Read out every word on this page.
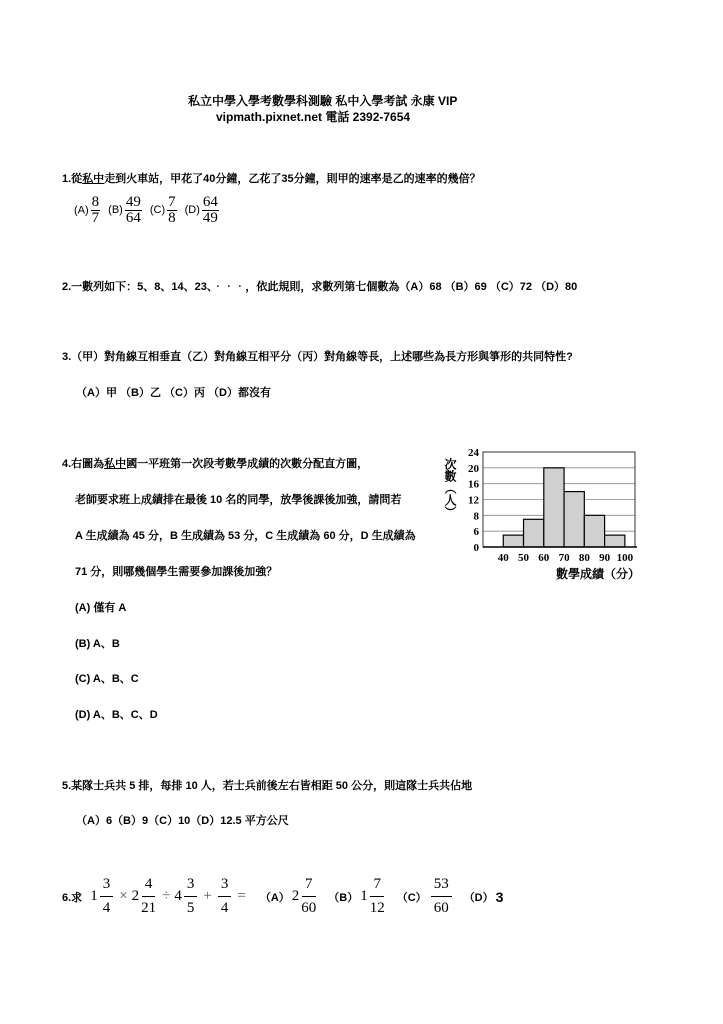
私立中學入學考數學科測驗 私中入學考試 永康 VIP
vipmath.pixnet.net 電話 2392-7654
1.從私中走到火車站，甲花了40分鐘，乙花了35分鐘，則甲的速率是乙的速率的幾倍？
$(A) \frac{8}{7} (B) \frac{49}{64} (C) \frac{7}{8} (D) \frac{64}{49}$
2.一數列如下：5、8、14、23、‧‧‧，依此規則，求數列第七個數為（A）68 （B）69 （C）72 （D）80
3.（甲）對角線互相垂直（乙）對角線互相平分（丙）對角線等長，上述哪些為長方形與箏形的共同特性?
（A）甲 （B）乙 （C）丙 （D）都沒有
4.右圖為私中國一平班第一次段考數學成績的次數分配直方圖，
老師要求班上成績排在最後 10 名的同學，放學後課後加強，請問若
A 生成績為 45 分，B 生成績為 53 分，C 生成績為 60 分，D 生成績為
71 分，則哪幾個學生需要參加課後加強？
(A) 僅有 A
(B) A、B
(C) A、B、C
(D) A、B、C、D
0
6
8
12
16
20
24
40 50 60 70 80 90 100
數學成績（分）
次數（人）
5.某隊士兵共 5 排，每排 10 人，若士兵前後左右皆相距 50 公分，則這隊士兵共佔地
（A）6（B）9（C）10（D）12.5 平方公尺
6.求 $1 \frac{3}{4} \times 2 \frac{4}{21} \div 4 \frac{3}{5} + \frac{3}{4} = (A)$ $2 \frac{7}{60} (B)$ $1 \frac{7}{12} (C) \frac{53}{60} (D)$ 3
